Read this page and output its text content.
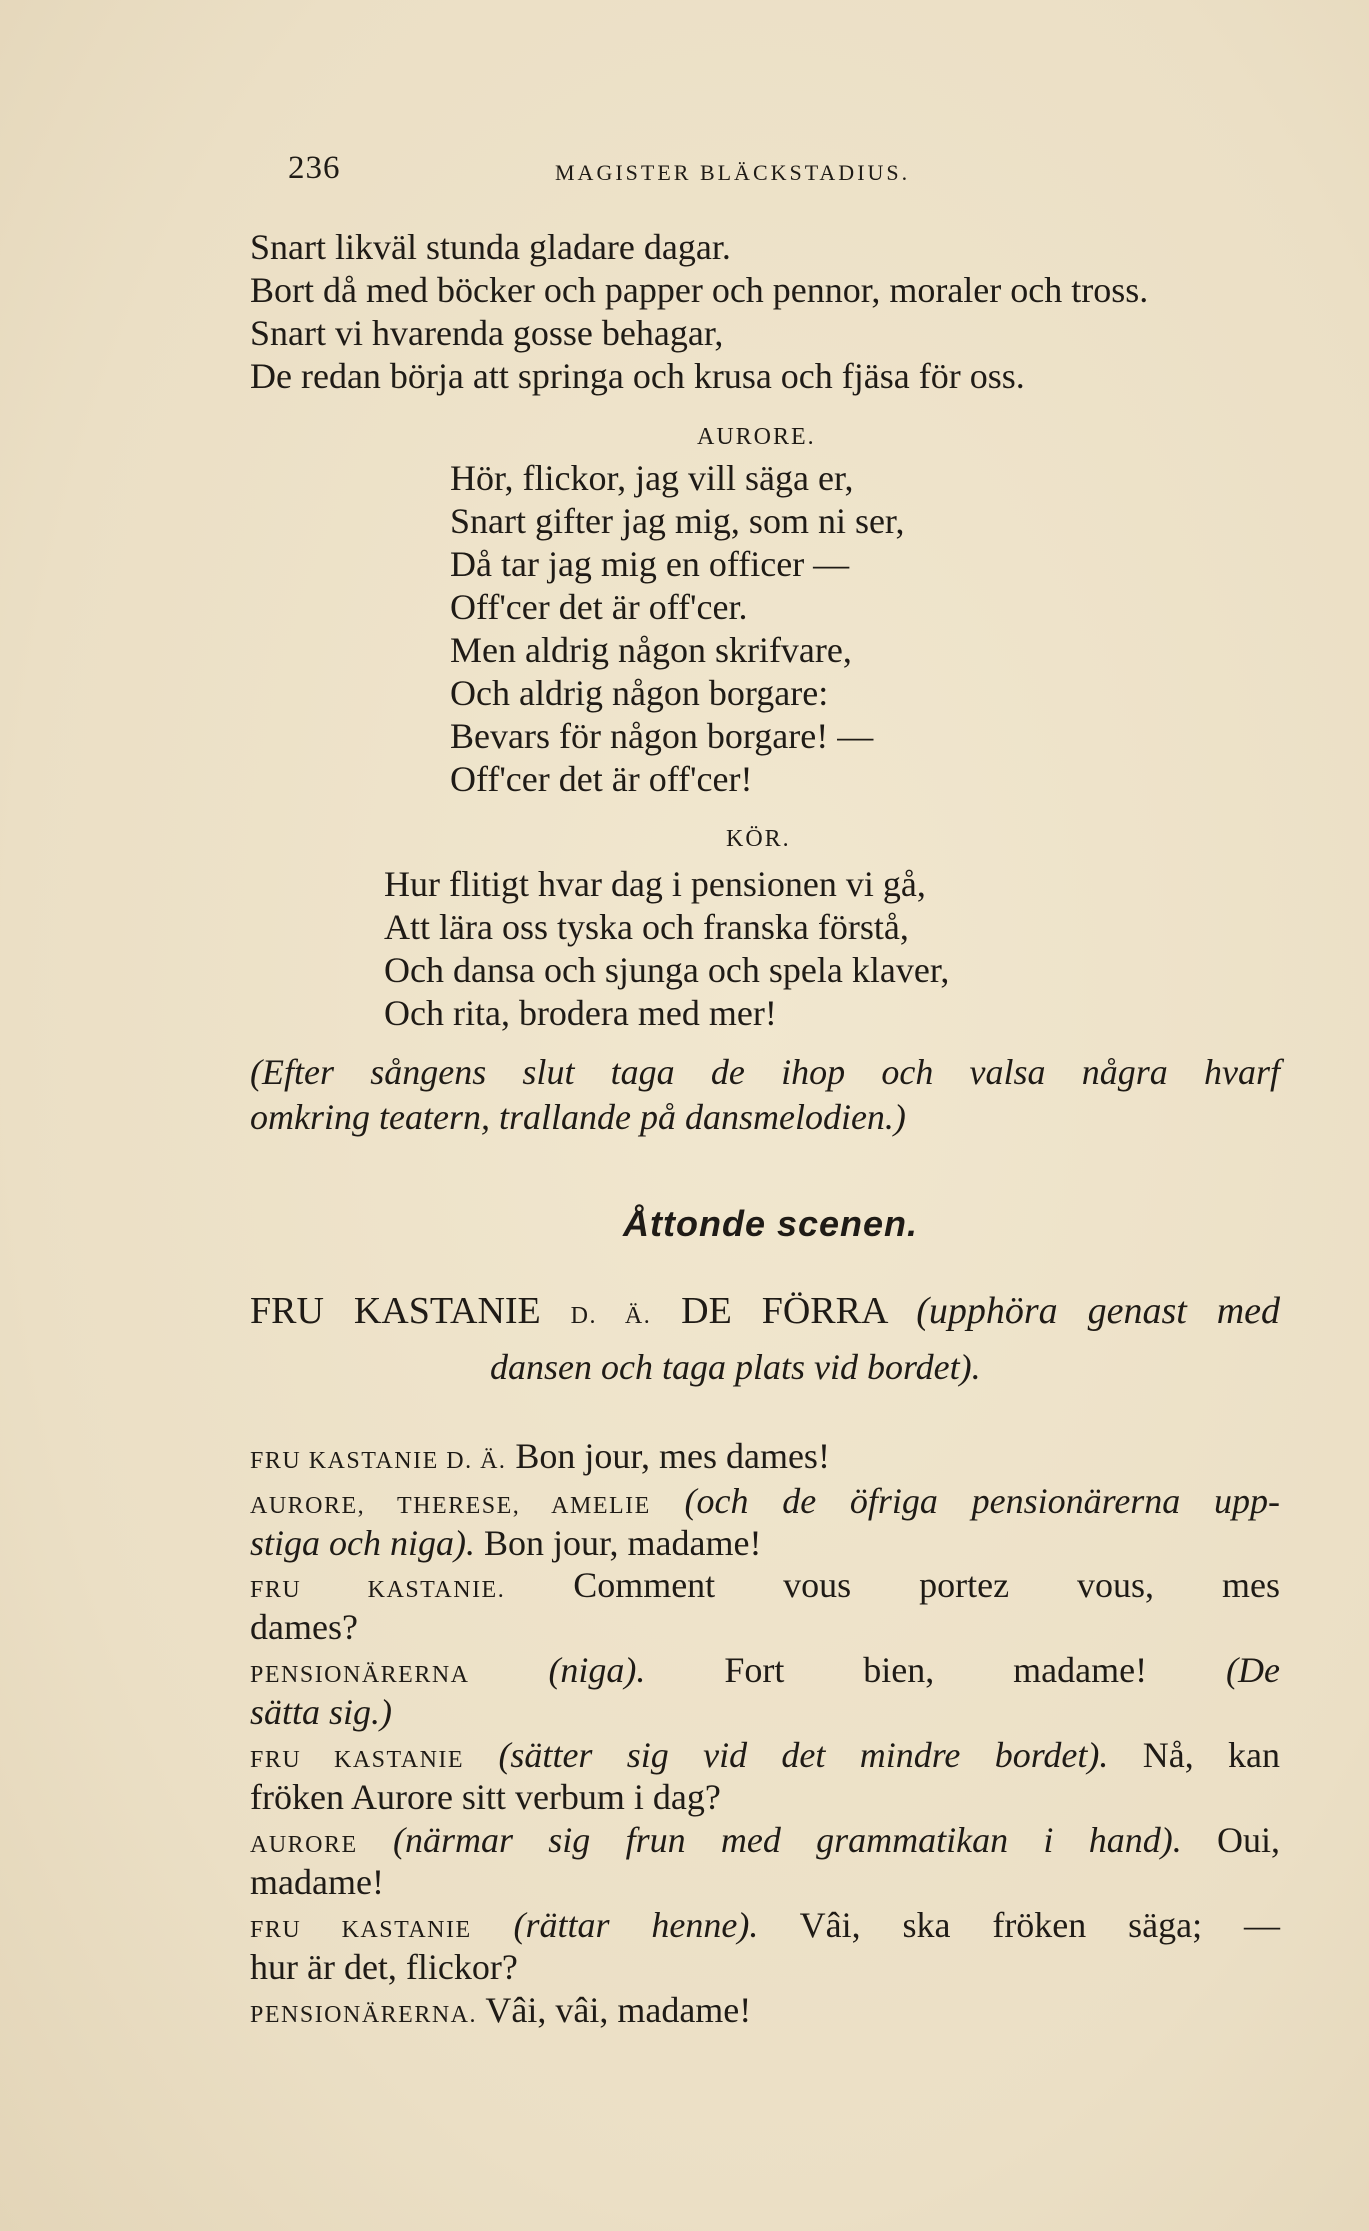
236	MAGISTER BLÄCKSTADIUS.
Snart likväl stunda gladare dagar.
Bort då med böcker och papper och pennor, moraler och tross.
Snart vi hvarenda gosse behagar,
De redan börja att springa och krusa och fjäsa för oss.
AURORE.
Hör, flickor, jag vill säga er,
Snart gifter jag mig, som ni ser,
Då tar jag mig en officer —
Off'cer det är off'cer.
Men aldrig någon skrifvare,
Och aldrig någon borgare:
Bevars för någon borgare! —
Off'cer det är off'cer!
KÖR.
Hur flitigt hvar dag i pensionen vi gå,
Att lära oss tyska och franska förstå,
Och dansa och sjunga och spela klaver,
Och rita, brodera med mer!
(Efter sångens slut taga de ihop och valsa några hvarf
omkring teatern, trallande på dansmelodien.)
Åttonde scenen.
FRU KASTANIE D. Ä. DE FÖRRA (upphöra genast med
dansen och taga plats vid bordet).
FRU KASTANIE D. Ä. Bon jour, mes dames!
AURORE, THERESE, AMELIE (och de öfriga pensionärerna upp-
stiga och niga). Bon jour, madame!
FRU KASTANIE. Comment vous portez vous, mes
dames?
PENSIONÄRERNA (niga). Fort bien, madame! (De
sätta sig.)
FRU KASTANIE (sätter sig vid det mindre bordet). Nå, kan
fröken Aurore sitt verbum i dag?
AURORE (närmar sig frun med grammatikan i hand). Oui,
madame!
FRU KASTANIE (rättar henne). Vâi, ska fröken säga; —
hur är det, flickor?
PENSIONÄRERNA. Vâi, vâi, madame!
